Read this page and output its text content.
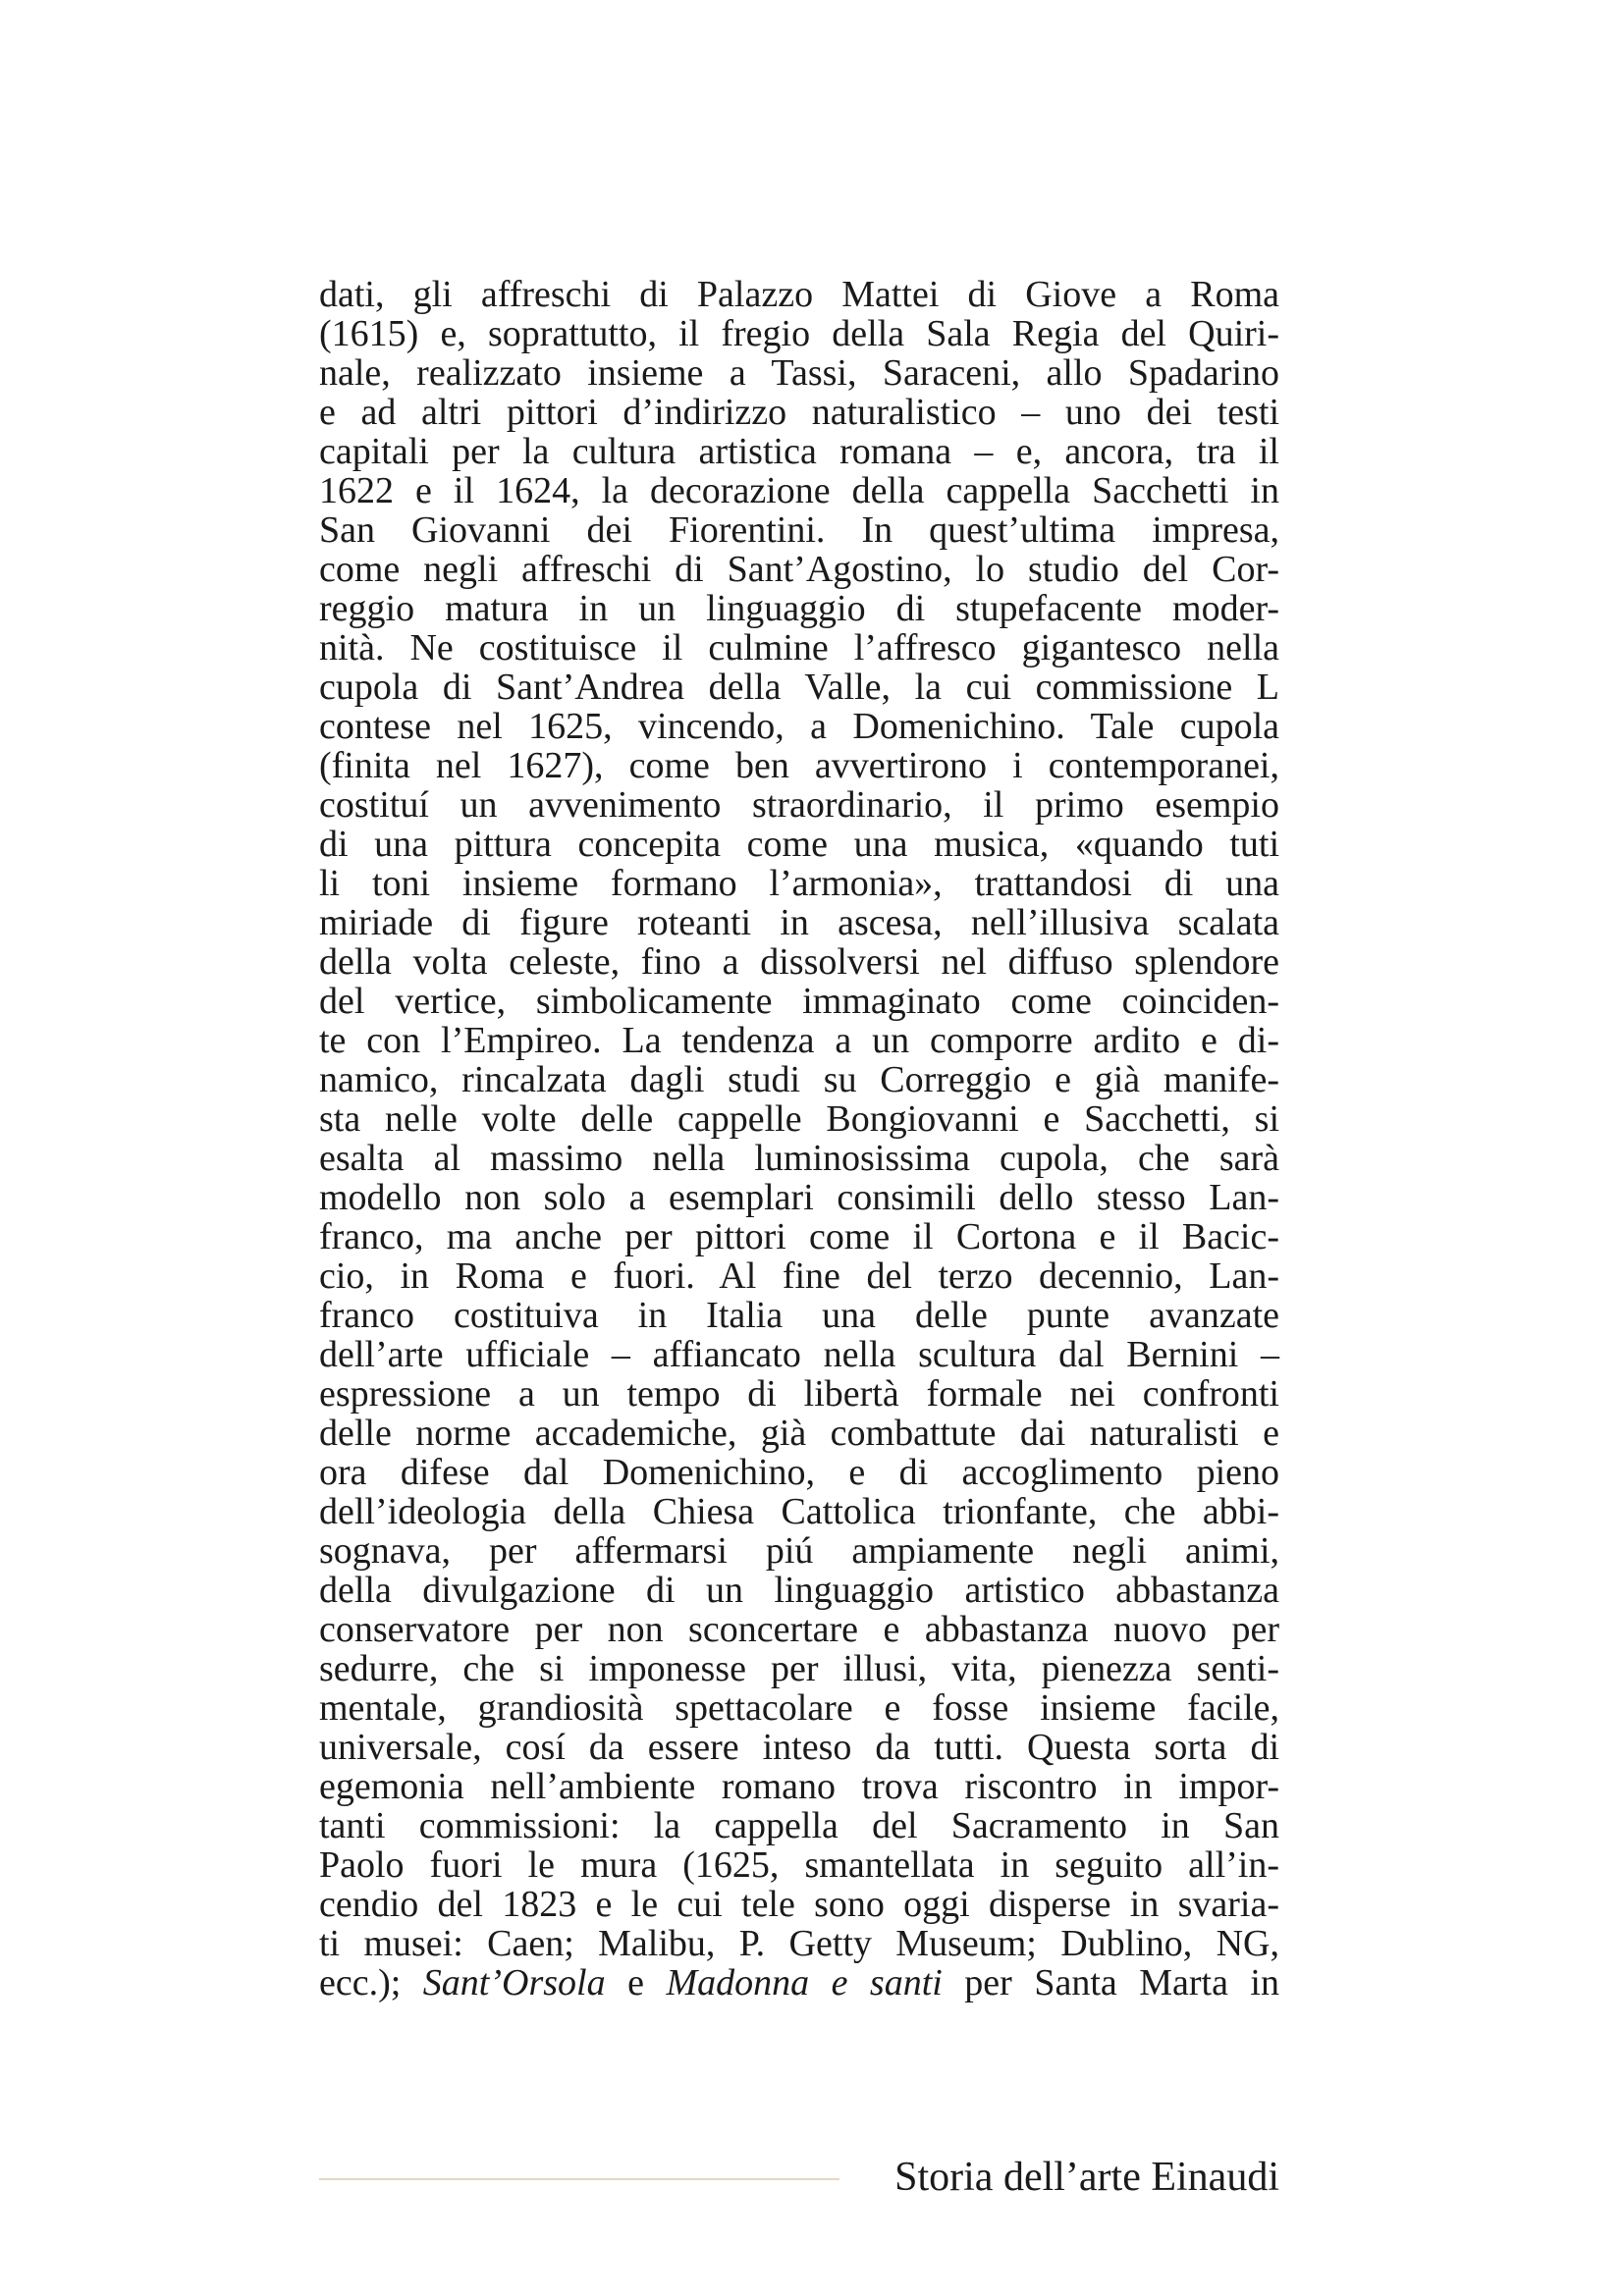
dati, gli affreschi di Palazzo Mattei di Giove a Roma
(1615) e, soprattutto, il fregio della Sala Regia del Quiri-
nale, realizzato insieme a Tassi, Saraceni, allo Spadarino
e ad altri pittori d’indirizzo naturalistico – uno dei testi
capitali per la cultura artistica romana – e, ancora, tra il
1622 e il 1624, la decorazione della cappella Sacchetti in
San Giovanni dei Fiorentini. In quest’ultima impresa,
come negli affreschi di Sant’Agostino, lo studio del Cor-
reggio matura in un linguaggio di stupefacente moder-
nità. Ne costituisce il culmine l’affresco gigantesco nella
cupola di Sant’Andrea della Valle, la cui commissione L
contese nel 1625, vincendo, a Domenichino. Tale cupola
(finita nel 1627), come ben avvertirono i contemporanei,
costituí un avvenimento straordinario, il primo esempio
di una pittura concepita come una musica, «quando tuti
li toni insieme formano l’armonia», trattandosi di una
miriade di figure roteanti in ascesa, nell’illusiva scalata
della volta celeste, fino a dissolversi nel diffuso splendore
del vertice, simbolicamente immaginato come coinciden-
te con l’Empireo. La tendenza a un comporre ardito e di-
namico, rincalzata dagli studi su Correggio e già manife-
sta nelle volte delle cappelle Bongiovanni e Sacchetti, si
esalta al massimo nella luminosissima cupola, che sarà
modello non solo a esemplari consimili dello stesso Lan-
franco, ma anche per pittori come il Cortona e il Bacic-
cio, in Roma e fuori. Al fine del terzo decennio, Lan-
franco costituiva in Italia una delle punte avanzate
dell’arte ufficiale – affiancato nella scultura dal Bernini –
espressione a un tempo di libertà formale nei confronti
delle norme accademiche, già combattute dai naturalisti e
ora difese dal Domenichino, e di accoglimento pieno
dell’ideologia della Chiesa Cattolica trionfante, che abbi-
sognava, per affermarsi piú ampiamente negli animi,
della divulgazione di un linguaggio artistico abbastanza
conservatore per non sconcertare e abbastanza nuovo per
sedurre, che si imponesse per illusi, vita, pienezza senti-
mentale, grandiosità spettacolare e fosse insieme facile,
universale, cosí da essere inteso da tutti. Questa sorta di
egemonia nell’ambiente romano trova riscontro in impor-
tanti commissioni: la cappella del Sacramento in San
Paolo fuori le mura (1625, smantellata in seguito all’in-
cendio del 1823 e le cui tele sono oggi disperse in svaria-
ti musei: Caen; Malibu, P. Getty Museum; Dublino, NG,
ecc.); Sant’Orsola e Madonna e santi per Santa Marta in
Storia dell’arte Einaudi
